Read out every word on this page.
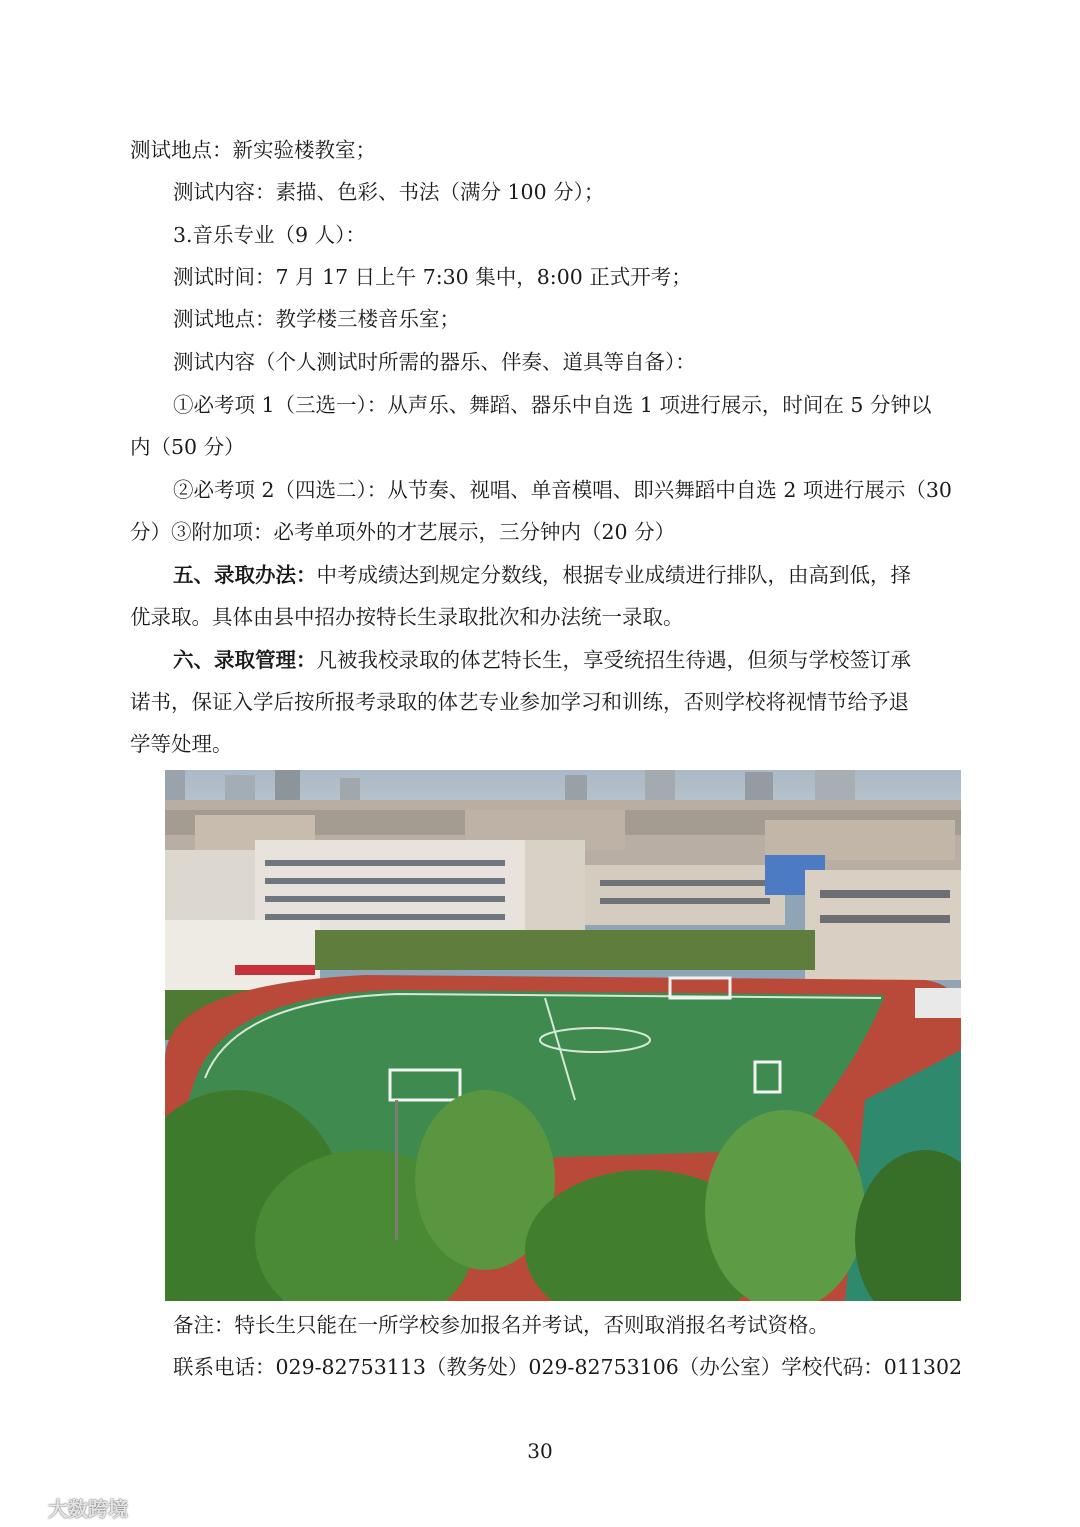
测试地点：新实验楼教室；
测试内容：素描、色彩、书法（满分 100 分）；
3.音乐专业（9 人）：
测试时间：7 月 17 日上午 7:30 集中，8:00 正式开考；
测试地点：教学楼三楼音乐室；
测试内容（个人测试时所需的器乐、伴奏、道具等自备）：
①必考项 1（三选一）：从声乐、舞蹈、器乐中自选 1 项进行展示，时间在 5 分钟以
内（50 分）
②必考项 2（四选二）：从节奏、视唱、单音模唱、即兴舞蹈中自选 2 项进行展示（30
分）③附加项：必考单项外的才艺展示，三分钟内（20 分）
五、录取办法：中考成绩达到规定分数线，根据专业成绩进行排队，由高到低，择
优录取。具体由县中招办按特长生录取批次和办法统一录取。
六、录取管理：凡被我校录取的体艺特长生，享受统招生待遇，但须与学校签订承
诺书，保证入学后按所报考录取的体艺专业参加学习和训练，否则学校将视情节给予退
学等处理。
备注：特长生只能在一所学校参加报名并考试，否则取消报名考试资格。
联系电话：029-82753113（教务处）029-82753106（办公室）学校代码：011302
30
大数跨境
